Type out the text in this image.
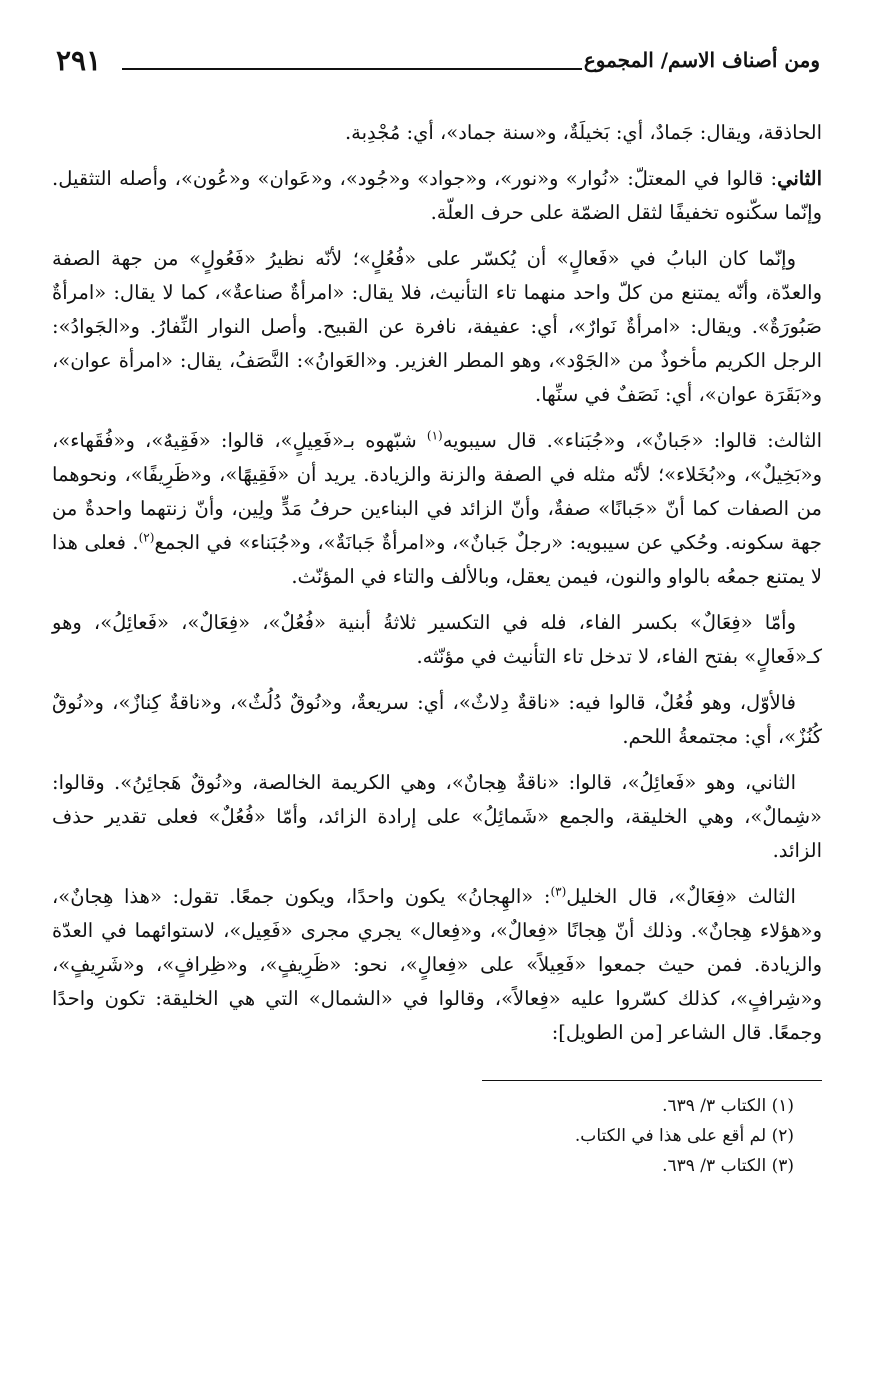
ومن أصناف الاسم/ المجموع
٢٩١

الحاذقة، ويقال: جَمادٌ، أي: بَخيلَةٌ، و«سنة جماد»، أي: مُجْدِبة.

الثاني: قالوا في المعتلّ: «نُوار» و«نور»، و«جواد» و«جُود»، و«عَوان» و«عُون»، وأصله التثقيل. وإنّما سكّنوه تخفيفًا لثقل الضمّة على حرف العلّة.

وإنّما كان البابُ في «فَعالٍ» أن يُكسّر على «فُعُلٍ»؛ لأنّه نظيرُ «فَعُولٍ» من جهة الصفة والعدّة، وأنّه يمتنع من كلّ واحد منهما تاء التأنيث، فلا يقال: «امرأةٌ صناعةٌ»، كما لا يقال: «امرأةٌ صَبُورَةٌ». ويقال: «امرأةٌ نَوارٌ»، أي: عفيفة، نافرة عن القبيح. وأصل النوار النِّفارُ. و«الجَوادُ»: الرجل الكريم مأخوذٌ من «الجَوْد»، وهو المطر الغزير. و«العَوانُ»: النَّصَفُ، يقال: «امرأة عوان»، و«بَقَرَة عوان»، أي: نَصَفٌ في سنِّها.

الثالث: قالوا: «جَبانٌ»، و«جُبَناء». قال سيبويه$^{(١)}$ شبّهوه بـ«فَعِيلٍ»، قالوا: «فَقِيهٌ»، و«فُقَهاء»، و«بَخِيلٌ»، و«بُخَلاء»؛ لأنّه مثله في الصفة والزنة والزيادة. يريد أن «فَقِيهًا»، و«ظَرِيفًا»، ونحوهما من الصفات كما أنّ «جَبانًا» صفةٌ، وأنّ الزائد في البناءين حرفُ مَدٍّ ولِين، وأنّ زنتهما واحدةٌ من جهة سكونه. وحُكي عن سيبويه: «رجلٌ جَبانٌ»، و«امرأةٌ جَبانَةٌ»، و«جُبَناء» في الجمع$^{(٢)}$. فعلى هذا لا يمتنع جمعُه بالواو والنون، فيمن يعقل، وبالألف والتاء في المؤنّث.

وأمّا «فِعَالٌ» بكسر الفاء، فله في التكسير ثلاثةُ أبنية «فُعُلٌ»، «فِعَالٌ»، «فَعائِلُ»، وهو كـ«فَعالٍ» بفتح الفاء، لا تدخل تاء التأنيث في مؤنّثه.

فالأوّل، وهو فُعُلٌ، قالوا فيه: «ناقةٌ دِلاثٌ»، أي: سريعةٌ، و«نُوقٌ دُلُثٌ»، و«ناقةٌ كِنازٌ»، و«نُوقٌ كُنُزٌ»، أي: مجتمعةُ اللحم.

الثاني، وهو «فَعائِلُ»، قالوا: «ناقةٌ هِجانٌ»، وهي الكريمة الخالصة، و«نُوقٌ هَجائِنُ». وقالوا: «شِمالٌ»، وهي الخليقة، والجمع «شَمائِلُ» على إرادة الزائد، وأمّا «فُعُلٌ» فعلى تقدير حذف الزائد.

الثالث «فِعَالٌ»، قال الخليل$^{(٣)}$: «الهِجانُ» يكون واحدًا، ويكون جمعًا. تقول: «هذا هِجانٌ»، و«هؤلاء هِجانٌ». وذلك أنّ هِجانًا «فِعالٌ»، و«فِعال» يجري مجرى «فَعِيل»، لاستوائهما في العدّة والزيادة. فمن حيث جمعوا «فَعِيلاً» على «فِعالٍ»، نحو: «ظَرِيفٍ»، و«ظِرافٍ»، و«شَرِيفٍ»، و«شِرافٍ»، كذلك كسّروا عليه «فِعالاً»، وقالوا في «الشمال» التي هي الخليقة: تكون واحدًا وجمعًا. قال الشاعر [من الطويل]:

(١) الكتاب ٣/ ٦٣٩.
(٢) لم أقع على هذا في الكتاب.
(٣) الكتاب ٣/ ٦٣٩.
